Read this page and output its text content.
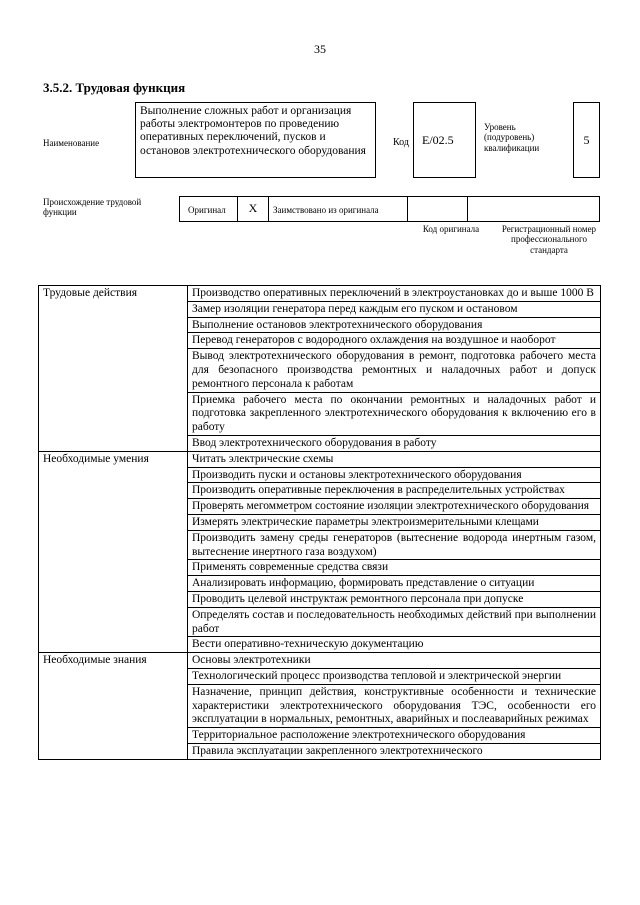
35
3.5.2. Трудовая функция
Наименование
Выполнение сложных работ и организация работы электромонтеров по проведению оперативных переключений, пусков и остановов электротехнического оборудования
Код	E/02.5
Уровень (подуровень) квалификации
5
Происхождение трудовой функции	Оригинал	X	Заимствовано из оригинала
Код оригинала	Регистрационный номер профессионального стандарта
Трудовые действия	Производство оперативных переключений в электроустановках до и выше 1000 В
	Замер изоляции генератора перед каждым его пуском и остановом
	Выполнение остановов электротехнического оборудования
	Перевод генераторов с водородного охлаждения на воздушное и наоборот
	Вывод электротехнического оборудования в ремонт, подготовка рабочего места для безопасного производства ремонтных и наладочных работ и допуск ремонтного персонала к работам
	Приемка рабочего места по окончании ремонтных и наладочных работ и подготовка закрепленного электротехнического оборудования к включению его в работу
	Ввод электротехнического оборудования в работу
Необходимые умения	Читать электрические схемы
	Производить пуски и остановы электротехнического оборудования
	Производить оперативные переключения в распределительных устройствах
	Проверять мегомметром состояние изоляции электротехнического оборудования
	Измерять электрические параметры электроизмерительными клещами
	Производить замену среды генераторов (вытеснение водорода инертным газом, вытеснение инертного газа воздухом)
	Применять современные средства связи
	Анализировать информацию, формировать представление о ситуации
	Проводить целевой инструктаж ремонтного персонала при допуске
	Определять состав и последовательность необходимых действий при выполнении работ
	Вести оперативно-техническую документацию
Необходимые знания	Основы электротехники
	Технологический процесс производства тепловой и электрической энергии
	Назначение, принцип действия, конструктивные особенности и технические характеристики электротехнического оборудования ТЭС, особенности его эксплуатации в нормальных, ремонтных, аварийных и послеаварийных режимах
	Территориальное расположение электротехнического оборудования
	Правила эксплуатации закрепленного электротехнического
